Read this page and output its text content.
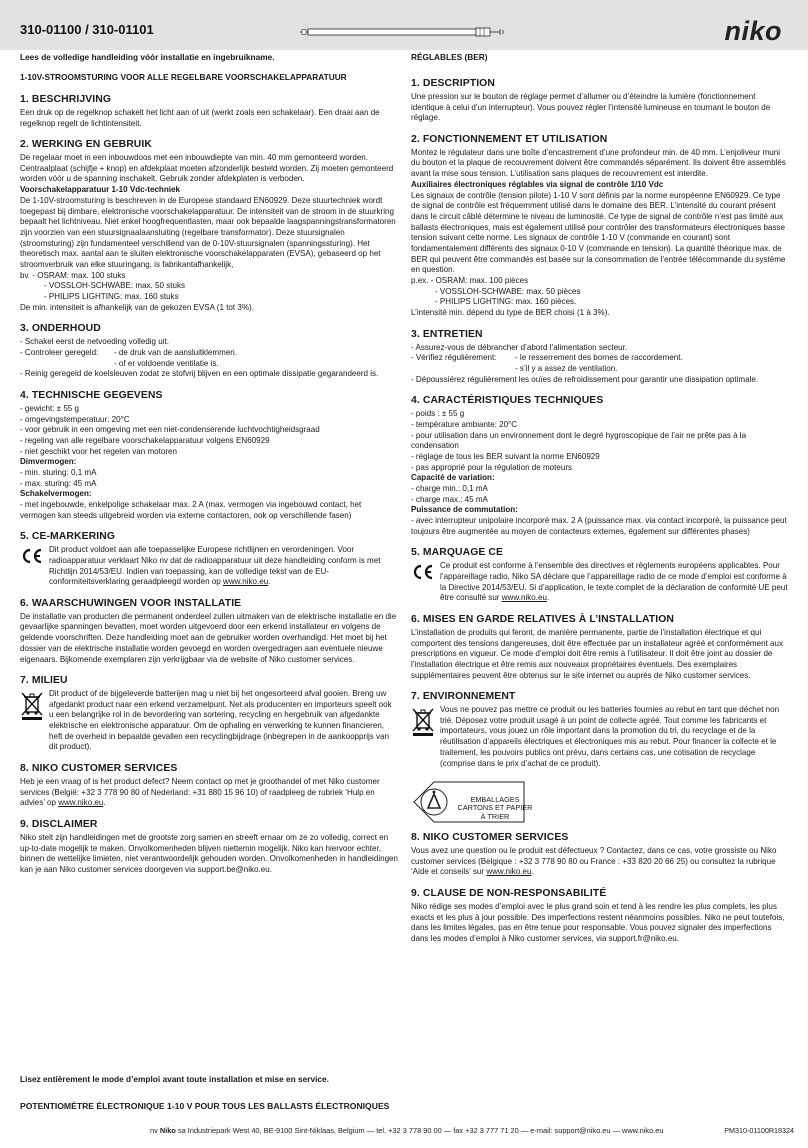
310-01100 / 310-01101	niko
Lees de volledige handleiding vóór installatie en ingebruikname.
1-10V-STROOMSTURING VOOR ALLE REGELBARE VOORSCHAKELAPPARATUUR
1. BESCHRIJVING

Een druk op de regelknop schakelt het licht aan of uit (werkt zoals een schakelaar). Een draai aan de regelknop regelt de lichtintensiteit.

2. WERKING EN GEBRUIK

De regelaar moet in een inbouwdoos met een inbouwdiepte van min. 40 mm gemonteerd worden. Centraalplaat (schijfje + knop) en afdekplaat moeten afzonderlijk besteld worden. Zij moeten gemonteerd worden vóór u de spanning inschakelt. Gebruik zonder afdekplaten is verboden.

Voorschakelapparatuur 1-10 Vdc-techniek

De 1-10V-stroomsturing is beschreven in de Europese standaard EN60929. Deze stuurtechniek wordt toegepast bij dimbare, elektronische voorschakelapparatuur. De intensiteit van de stroom in de stuurkring bepaalt het lichtniveau. Niet enkel hoogfrequentlasten, maar ook bepaalde laagspanningstransformatoren zijn voorzien van een stuursignaalaansluiting (regelbare transformator). Deze stuursignalen (stroomsturing) zijn fundamenteel verschillend van de 0-10V-stuursignalen (spanningssturing). Het theoretisch max. aantal aan te sluiten elektronische voorschakelapparaten (EVSA), gebaseerd op het stroomverbruik van elke stuuringang, is fabrikantafhankelijk,

bv. - OSRAM: max. 100 stuks
- VOSSLOH-SCHWABE: max. 50 stuks
- PHILIPS LIGHTING: max. 160 stuks

De min. intensiteit is afhankelijk van de gekozen EVSA (1 tot 3%).

3. ONDERHOUD
- Schakel eerst de netvoeding volledig uit.
- Controleer geregeld:	- de druk van de aansluitklemmen.
- of er voldoende ventilatie is.
- Reinig geregeld de koelsleuven zodat ze stofvrij blijven en een optimale dissipatie gegarandeerd is.
4. TECHNISCHE GEGEVENS
- gewicht: ± 55 g
- omgevingstemperatuur: 20°C
- voor gebruik in een omgeving met een niet-condenserende luchtvochtigheidsgraad
- regeling van alle regelbare voorschakelapparatuur volgens EN60929
- niet geschikt voor het regelen van motoren
Dimvermogen:
- min. sturing: 0,1 mA
- max. sturing: 45 mA
Schakelvermogen:
- met ingebouwde, enkelpolige schakelaar max. 2 A (max. vermogen via ingebouwd contact, het vermogen kan steeds uitgebreid worden via externe contactoren, ook op verschillende fasen)
5. CE-MARKERING

Dit product voldoet aan alle toepasselijke Europese richtlijnen en verordeningen. Voor radioapparatuur verklaart Niko nv dat de radioapparatuur uit deze handleiding conform is met Richtlijn 2014/53/EU. Indien van toepassing, kan de volledige tekst van de EU-conformiteitsverklaring geraadpleegd worden op www.niko.eu.

6. WAARSCHUWINGEN VOOR INSTALLATIE

De installatie van producten die permanent onderdeel zullen uitmaken van de elektrische installatie en die gevaarlijke spanningen bevatten, moet worden uitgevoerd door een erkend installateur en volgens de geldende voorschriften. Deze handleiding moet aan de gebruiker worden overhandigd. Het moet bij het dossier van de elektrische installatie worden gevoegd en worden overgedragen aan eventuele nieuwe eigenaars. Bijkomende exemplaren zijn verkrijgbaar via de website of Niko customer services.

7. MILIEU

Dit product of de bijgeleverde batterijen mag u niet bij het ongesorteerd afval gooien. Breng uw afgedankt product naar een erkend verzamelpunt. Net als producenten en importeurs speelt ook u een belangrijke rol in de bevordering van sortering, recycling en hergebruik van afgedankte elektrische en elektronische apparatuur. Om de ophaling en verwerking te kunnen financieren, heft de overheid in bepaalde gevallen een recyclingbijdrage (inbegrepen in de aankoopprijs van dit product).

8. NIKO CUSTOMER SERVICES

Heb je een vraag of is het product defect? Neem contact op met je groothandel of met Niko customer services (België: +32 3 778 90 80 of Nederland: +31 880 15 96 10) of raadpleeg de rubriek ‘Hulp en advies’ op www.niko.eu.

9. DISCLAIMER

Niko stelt zijn handleidingen met de grootste zorg samen en streeft ernaar om ze zo volledig, correct en up-to-date mogelijk te maken. Onvolkomenheden blijven niettemin mogelijk. Niko kan hiervoor echter, binnen de wettelijke limieten, niet verantwoordelijk gehouden worden. Onvolkomenheden in handleidingen kan je aan Niko customer services doorgeven via support.be@niko.eu.

RÉGLABLES (BER)
1. DESCRIPTION

Une pression sur le bouton de réglage permet d’allumer ou d’éteindre la lumière (fonctionnement identique à celui d’un interrupteur). Vous pouvez régler l’intensité lumineuse en tournant le bouton de réglage.

2. FONCTIONNEMENT ET UTILISATION

Montez le régulateur dans une boîte d’encastrement d’une profondeur min. de 40 mm. L’enjoliveur muni du bouton et la plaque de recouvrement doivent être commandés séparément. Ils doivent être assemblés avant la mise sous tension. L’utilisation sans plaques de recouvrement est interdite.

Auxiliaires électroniques réglables via signal de contrôle 1/10 Vdc

Les signaux de contrôle (tension pilote) 1-10 V sont définis par la norme européenne EN60929. Ce type de signal de contrôle est fréquemment utilisé dans le domaine des BER. L’intensité du courant présent dans le circuit câblé détermine le niveau de luminosité. Ce type de signal de contrôle n’est pas limité aux ballasts électroniques, mais est également utilisé pour contrôler des transformateurs électroniques basse tension suivant cette norme. Les signaux de contrôle 1-10 V (commande en courant) sont fondamentalement différents des signaux 0-10 V (commande en tension). La quantité théorique max. de BER qui peuvent être commandés est basée sur la consommation de l’entrée télécommande du système en question.

p.ex. - OSRAM: max. 100 pièces
- VOSSLOH-SCHWABE: max. 50 pièces
- PHILIPS LIGHTING: max. 160 pièces.

L’intensité min. dépend du type de BER choisi (1 à 3%).

3. ENTRETIEN
- Assurez-vous de débrancher d’abord l’alimentation secteur.
- Vérifiez régulièrement:	- le resserrement des bornes de raccordement.
- s’il y a assez de ventilation.
- Dépoussiérez régulièrement les ouïes de refroidissement pour garantir une dissipation optimale.
4. CARACTÉRISTIQUES TECHNIQUES
- poids : ± 55 g
- température ambiante: 20°C
- pour utilisation dans un environnement dont le degré hygroscopique de l’air ne prête pas à la condensation
- réglage de tous les BER suivant la norme EN60929
- pas approprié pour la régulation de moteurs
Capacité de variation:
- charge min.: 0,1 mA
- charge max.: 45 mA
Puissance de commutation:
- avec interrupteur unipolaire incorporé max. 2 A (puissance max. via contact incorporé, la puissance peut toujours être augmentée au moyen de contacteurs externes, également sur différentes phases)
5. MARQUAGE CE

Ce produit est conforme à l’ensemble des directives et règlements européens applicables. Pour l’appareillage radio, Niko SA déclare que l’appareillage radio de ce mode d’emploi est conforme à la Directive 2014/53/EU. Si d’application, le texte complet de la déclaration de conformité UE peut être consulté sur www.niko.eu.

6. MISES EN GARDE RELATIVES À L’INSTALLATION

L’installation de produits qui feront, de manière permanente, partie de l’installation électrique et qui comportent des tensions dangereuses, doit être effectuée par un installateur agréé et conformément aux prescriptions en vigueur. Ce mode d’emploi doit être remis à l’utilisateur. Il doit être joint au dossier de l’installation électrique et être remis aux nouveaux propriétaires éventuels. Des exemplaires supplémentaires peuvent être obtenus sur le site internet ou auprès de Niko customer services.

7. ENVIRONNEMENT

Vous ne pouvez pas mettre ce produit ou les batteries fournies au rebut en tant que déchet non trié. Déposez votre produit usagé à un point de collecte agréé. Tout comme les fabricants et importateurs, vous jouez un rôle important dans la promotion du tri, du recyclage et de la réutilisation d’appareils électriques et électroniques mis au rebut. Pour financer la collecte et le traitement, les pouvoirs publics ont prévu, dans certains cas, une cotisation de recyclage (comprise dans le prix d’achat de ce produit).

8. NIKO CUSTOMER SERVICES

Vous avez une question ou le produit est défectueux ? Contactez, dans ce cas, votre grossiste ou Niko customer services (Belgique : +32 3 778 90 80 ou France : +33 820 20 66 25) ou consultez la rubrique ‘Aide et conseils’ sur www.niko.eu.

9. CLAUSE DE NON-RESPONSABILITÉ

Niko rédige ses modes d’emploi avec le plus grand soin et tend à les rendre les plus complets, les plus exacts et les plus à jour possible. Des imperfections restent néanmoins possibles. Niko ne peut toutefois, dans les limites légales, pas en être tenue pour responsable. Vous pouvez signaler des imperfections dans les modes d’emploi à Niko customer services, via support.fr@niko.eu.

EMBALLAGES
CARTONS ET PAPIER
À TRIER
Lisez entièrement le mode d’emploi avant toute installation et mise en service.
POTENTIOMÈTRE ÉLECTRONIQUE 1-10 V POUR TOUS LES BALLASTS ÉLECTRONIQUES
nv Niko sa Industriepark West 40, BE-9100 Sint-Niklaas, Belgium — tel. +32 3 778 90 00 — fax +32 3 777 71 20 — e-mail: support@niko.eu — www.niko.eu	PM310-01100R18324
